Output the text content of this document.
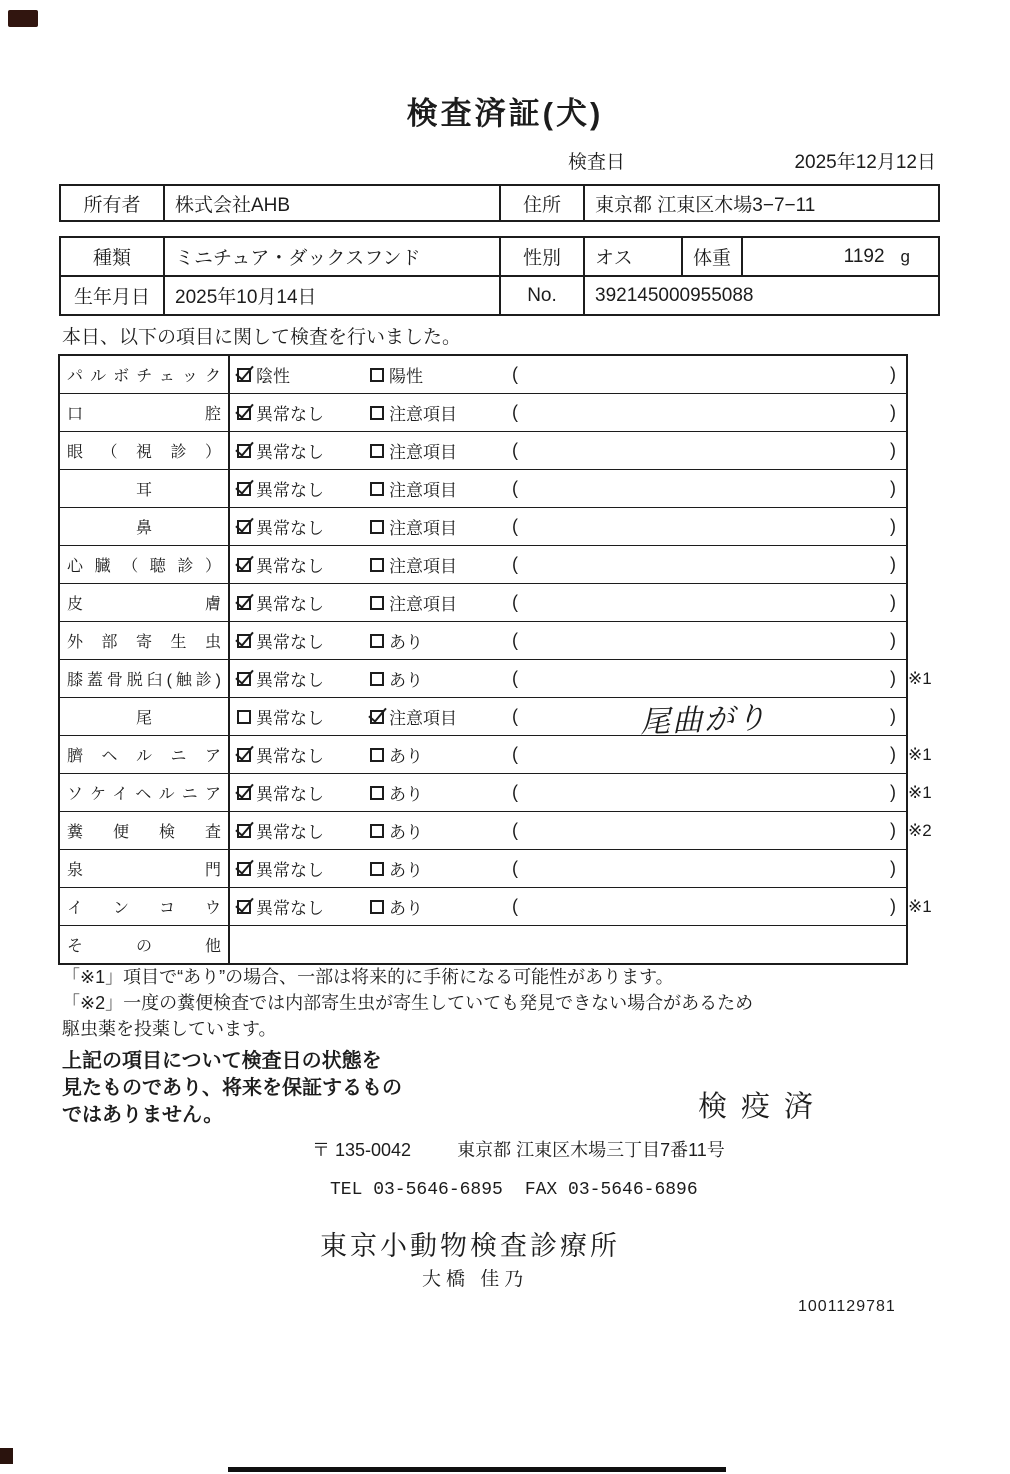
検査済証(犬)
検査日	2025年12月12日
所有者	株式会社AHB	住所	東京都 江東区木場3−7−11
種類	ミニチュア・ダックスフンド	性別	オス	体重	1192 g
生年月日	2025年10月14日	No.	392145000955088
本日、以下の項目に関して検査を行いました。
パルボチェック 陰性	陽性	(	)
口腔 異常なし	注意項目	(	)
眼（視診） 異常なし	注意項目	(	)
耳	異常なし	注意項目	(	)
鼻	異常なし	注意項目	(	)
心臓（聴診） 異常なし	注意項目	(	)
皮膚 異常なし	注意項目	(	)
外部寄生虫 異常なし	あり	(	)
膝蓋骨脱臼(触診) 異常なし	あり	(	) ※1
尾	異常なし	注意項目	(	尾曲がり	)
臍ヘルニア 異常なし	あり	(	) ※1
ソケイヘルニア 異常なし	あり	(	) ※1
糞便検査 異常なし	あり	(	) ※2
泉門 異常なし	あり	(	)
インコウ 異常なし	あり	(	) ※1
その他
「※1」項目で“あり”の場合、一部は将来的に手術になる可能性があります。
「※2」一度の糞便検査では内部寄生虫が寄生していても発見できない場合があるため
駆虫薬を投薬しています。
上記の項目について検査日の状態を
見たものであり、将来を保証するもの
ではありません。	検疫済
〒 135-0042	東京都 江東区木場三丁目7番11号
TEL 03-5646-6895 FAX 03-5646-6896
東京小動物検査診療所
大橋 佳乃
1001129781
